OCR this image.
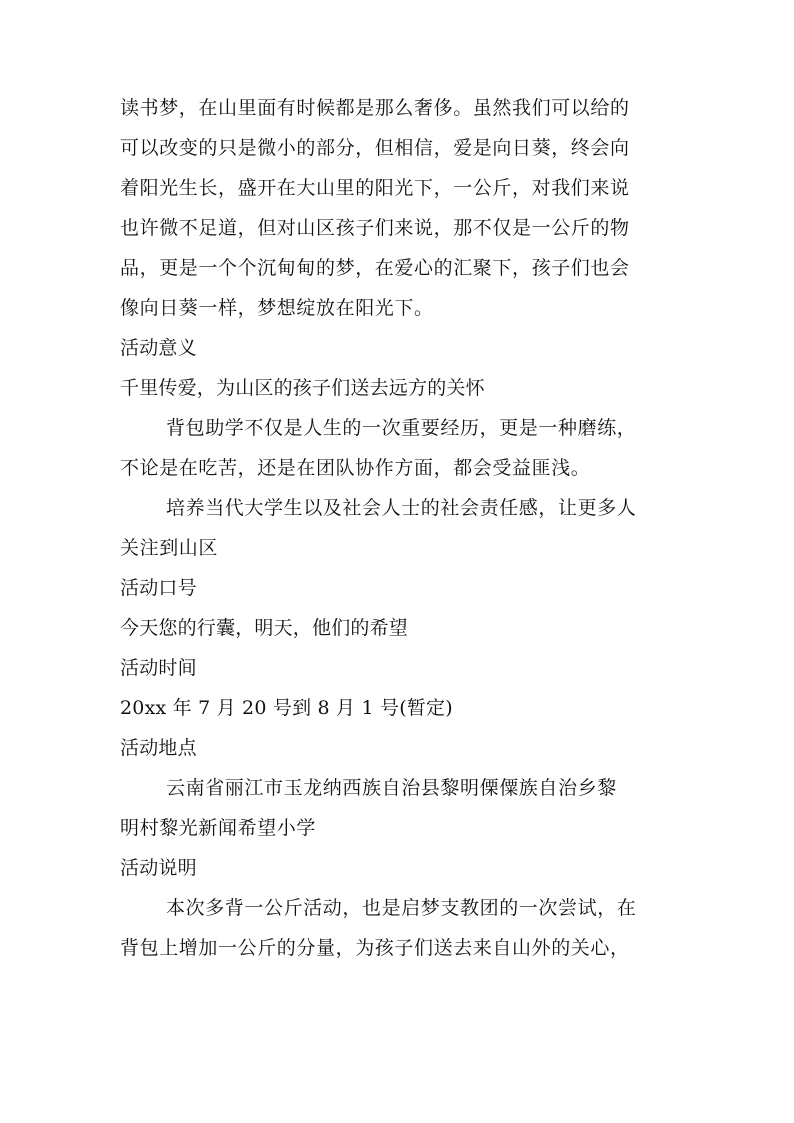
读书梦，在山里面有时候都是那么奢侈。虽然我们可以给的
可以改变的只是微小的部分，但相信，爱是向日葵，终会向
着阳光生长，盛开在大山里的阳光下，一公斤，对我们来说
也许微不足道，但对山区孩子们来说，那不仅是一公斤的物
品，更是一个个沉甸甸的梦，在爱心的汇聚下，孩子们也会
像向日葵一样，梦想绽放在阳光下。
活动意义
千里传爱，为山区的孩子们送去远方的关怀
背包助学不仅是人生的一次重要经历，更是一种磨练，
不论是在吃苦，还是在团队协作方面，都会受益匪浅。
培养当代大学生以及社会人士的社会责任感，让更多人
关注到山区
活动口号
今天您的行囊，明天，他们的希望
活动时间
20xx 年 7 月 20 号到 8 月 1 号(暂定)
活动地点
云南省丽江市玉龙纳西族自治县黎明傈僳族自治乡黎
明村黎光新闻希望小学
活动说明
本次多背一公斤活动，也是启梦支教团的一次尝试，在
背包上增加一公斤的分量，为孩子们送去来自山外的关心，
